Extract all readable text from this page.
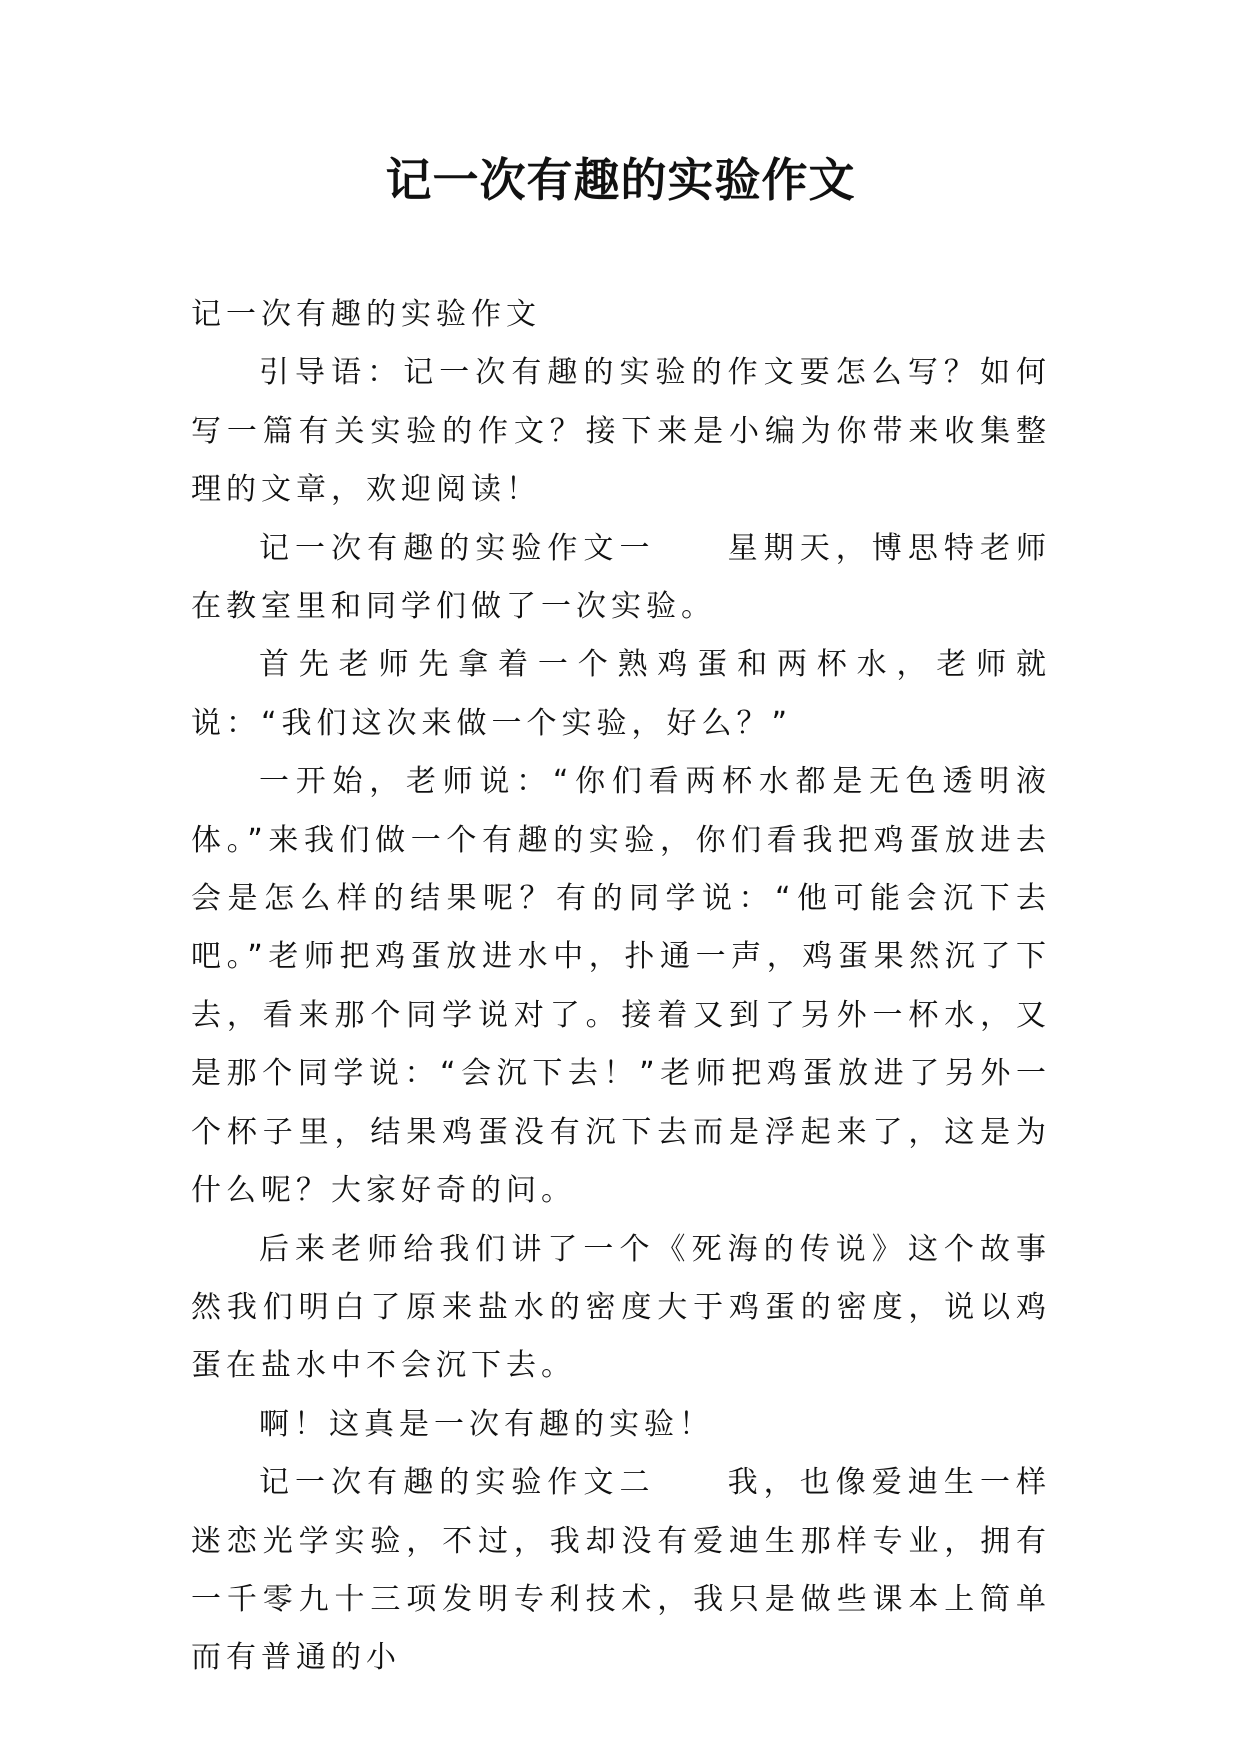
记一次有趣的实验作文

记一次有趣的实验作文

引导语：记一次有趣的实验的作文要怎么写？如何写一篇有关实验的作文？接下来是小编为你带来收集整理的文章，欢迎阅读！

记一次有趣的实验作文一　　星期天，博思特老师在教室里和同学们做了一次实验。

首先老师先拿着一个熟鸡蛋和两杯水，老师就说：“我们这次来做一个实验，好么？”

一开始，老师说：“你们看两杯水都是无色透明液体。”来我们做一个有趣的实验，你们看我把鸡蛋放进去会是怎么样的结果呢？有的同学说：“他可能会沉下去吧。”老师把鸡蛋放进水中，扑通一声，鸡蛋果然沉了下去，看来那个同学说对了。接着又到了另外一杯水，又是那个同学说：“会沉下去！”老师把鸡蛋放进了另外一个杯子里，结果鸡蛋没有沉下去而是浮起来了，这是为什么呢？大家好奇的问。

后来老师给我们讲了一个《死海的传说》这个故事然我们明白了原来盐水的密度大于鸡蛋的密度，说以鸡蛋在盐水中不会沉下去。

啊！这真是一次有趣的实验！

记一次有趣的实验作文二　　我，也像爱迪生一样迷恋光学实验，不过，我却没有爱迪生那样专业，拥有一千零九十三项发明专利技术，我只是做些课本上简单而有普通的小
